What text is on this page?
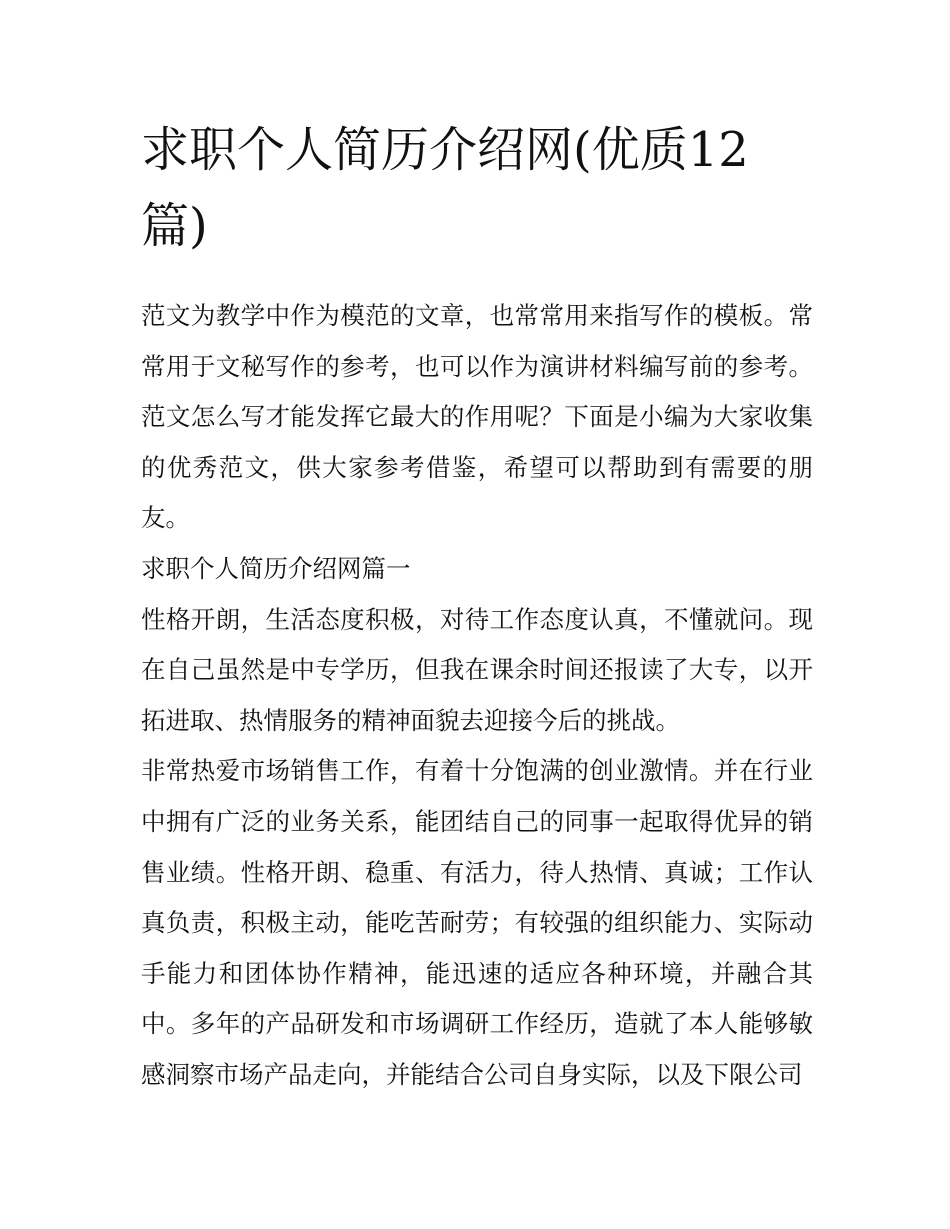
求职个人简历介绍网(优质12篇)

范文为教学中作为模范的文章，也常常用来指写作的模板。常常用于文秘写作的参考，也可以作为演讲材料编写前的参考。范文怎么写才能发挥它最大的作用呢？下面是小编为大家收集的优秀范文，供大家参考借鉴，希望可以帮助到有需要的朋友。

求职个人简历介绍网篇一

性格开朗，生活态度积极，对待工作态度认真，不懂就问。现在自己虽然是中专学历，但我在课余时间还报读了大专，以开拓进取、热情服务的精神面貌去迎接今后的挑战。

非常热爱市场销售工作，有着十分饱满的创业激情。并在行业中拥有广泛的业务关系，能团结自己的同事一起取得优异的销售业绩。性格开朗、稳重、有活力，待人热情、真诚；工作认真负责，积极主动，能吃苦耐劳；有较强的组织能力、实际动手能力和团体协作精神，能迅速的适应各种环境，并融合其中。多年的产品研发和市场调研工作经历，造就了本人能够敏感洞察市场产品走向，并能结合公司自身实际，以及下限公司
